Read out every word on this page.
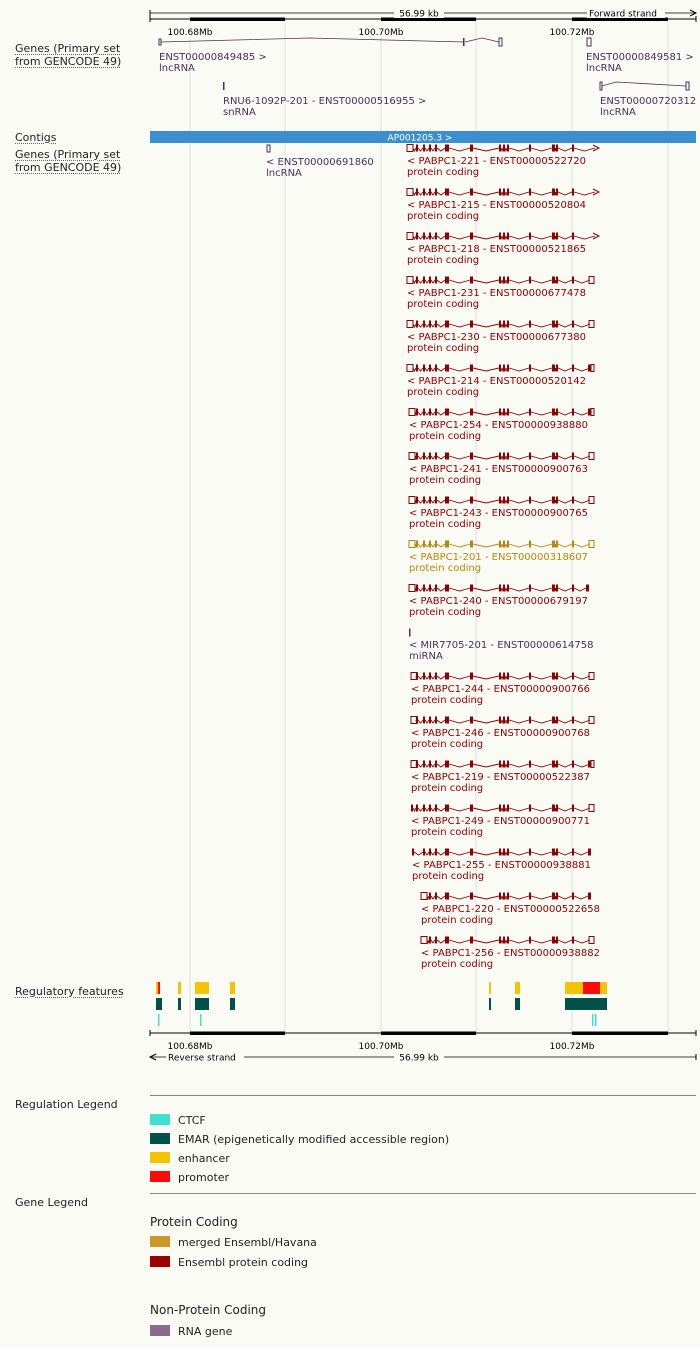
Genes (Primary set from GENCODE 49)
Contigs
Genes (Primary set from GENCODE 49)
Regulatory features
56.99 kb	Forward strand
100.68Mb	100.70Mb	100.72Mb
ENST00000849485 >
lncRNA
ENST00000849581 >
lncRNA
RNU6-1092P-201 - ENST00000516955 >
snRNA
ENST00000720312
lncRNA
AP001205.3 >
< ENST00000691860
lncRNA
< PABPC1-221 - ENST00000522720
protein coding
< PABPC1-215 - ENST00000520804
protein coding
< PABPC1-218 - ENST00000521865
protein coding
< PABPC1-231 - ENST00000677478
protein coding
< PABPC1-230 - ENST00000677380
protein coding
< PABPC1-214 - ENST00000520142
protein coding
< PABPC1-254 - ENST00000938880
protein coding
< PABPC1-241 - ENST00000900763
protein coding
< PABPC1-243 - ENST00000900765
protein coding
< PABPC1-201 - ENST00000318607
protein coding
< PABPC1-240 - ENST00000679197
protein coding
< MIR7705-201 - ENST00000614758
miRNA
< PABPC1-244 - ENST00000900766
protein coding
< PABPC1-246 - ENST00000900768
protein coding
< PABPC1-219 - ENST00000522387
protein coding
< PABPC1-249 - ENST00000900771
protein coding
< PABPC1-255 - ENST00000938881
protein coding
< PABPC1-220 - ENST00000522658
protein coding
< PABPC1-256 - ENST00000938882
protein coding
56.99 kb
Reverse strand
100.68Mb	100.70Mb	100.72Mb
Regulation Legend
CTCF
EMAR (epigenetically modified accessible region)
enhancer
promoter
Gene Legend
Protein Coding
merged Ensembl/Havana
Ensembl protein coding
Non-Protein Coding
RNA gene
